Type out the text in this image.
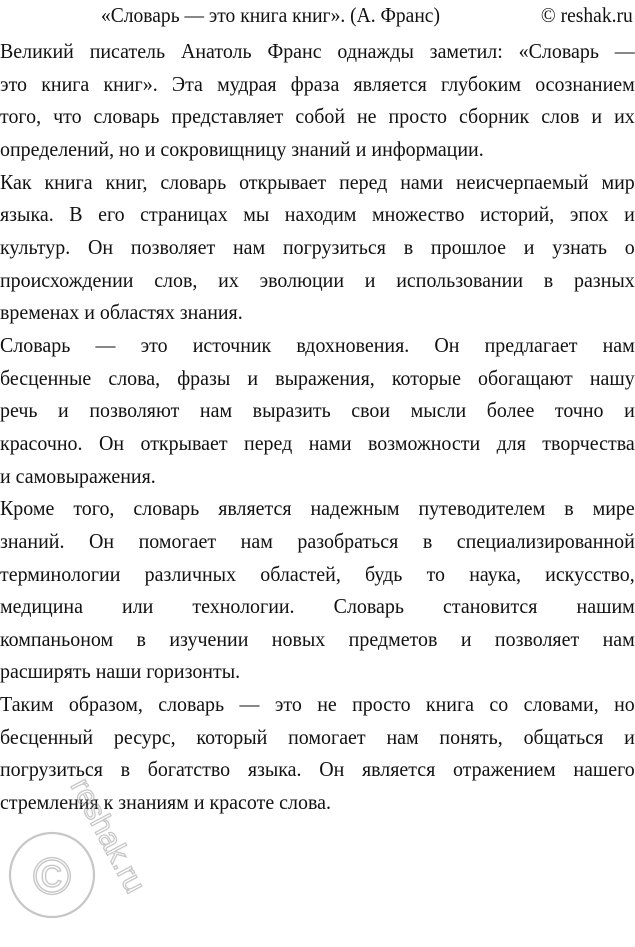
«Словарь — это книга книг». (А. Франс)	© reshak.ru
Великий писатель Анатоль Франс однажды заметил: «Словарь —
это книга книг». Эта мудрая фраза является глубоким осознанием
того, что словарь представляет собой не просто сборник слов и их
определений, но и сокровищницу знаний и информации.
Как книга книг, словарь открывает перед нами неисчерпаемый мир
языка. В его страницах мы находим множество историй, эпох и
культур. Он позволяет нам погрузиться в прошлое и узнать о
происхождении слов, их эволюции и использовании в разных
временах и областях знания.
Словарь — это источник вдохновения. Он предлагает нам
бесценные слова, фразы и выражения, которые обогащают нашу
речь и позволяют нам выразить свои мысли более точно и
красочно. Он открывает перед нами возможности для творчества
и самовыражения.
Кроме того, словарь является надежным путеводителем в мире
знаний. Он помогает нам разобраться в специализированной
терминологии различных областей, будь то наука, искусство,
медицина или технологии. Словарь становится нашим
компаньоном в изучении новых предметов и позволяет нам
расширять наши горизонты.
Таким образом, словарь — это не просто книга со словами, но
бесценный ресурс, который помогает нам понять, общаться и
погрузиться в богатство языка. Он является отражением нашего
стремления к знаниям и красоте слова.
©
reshak.ru
